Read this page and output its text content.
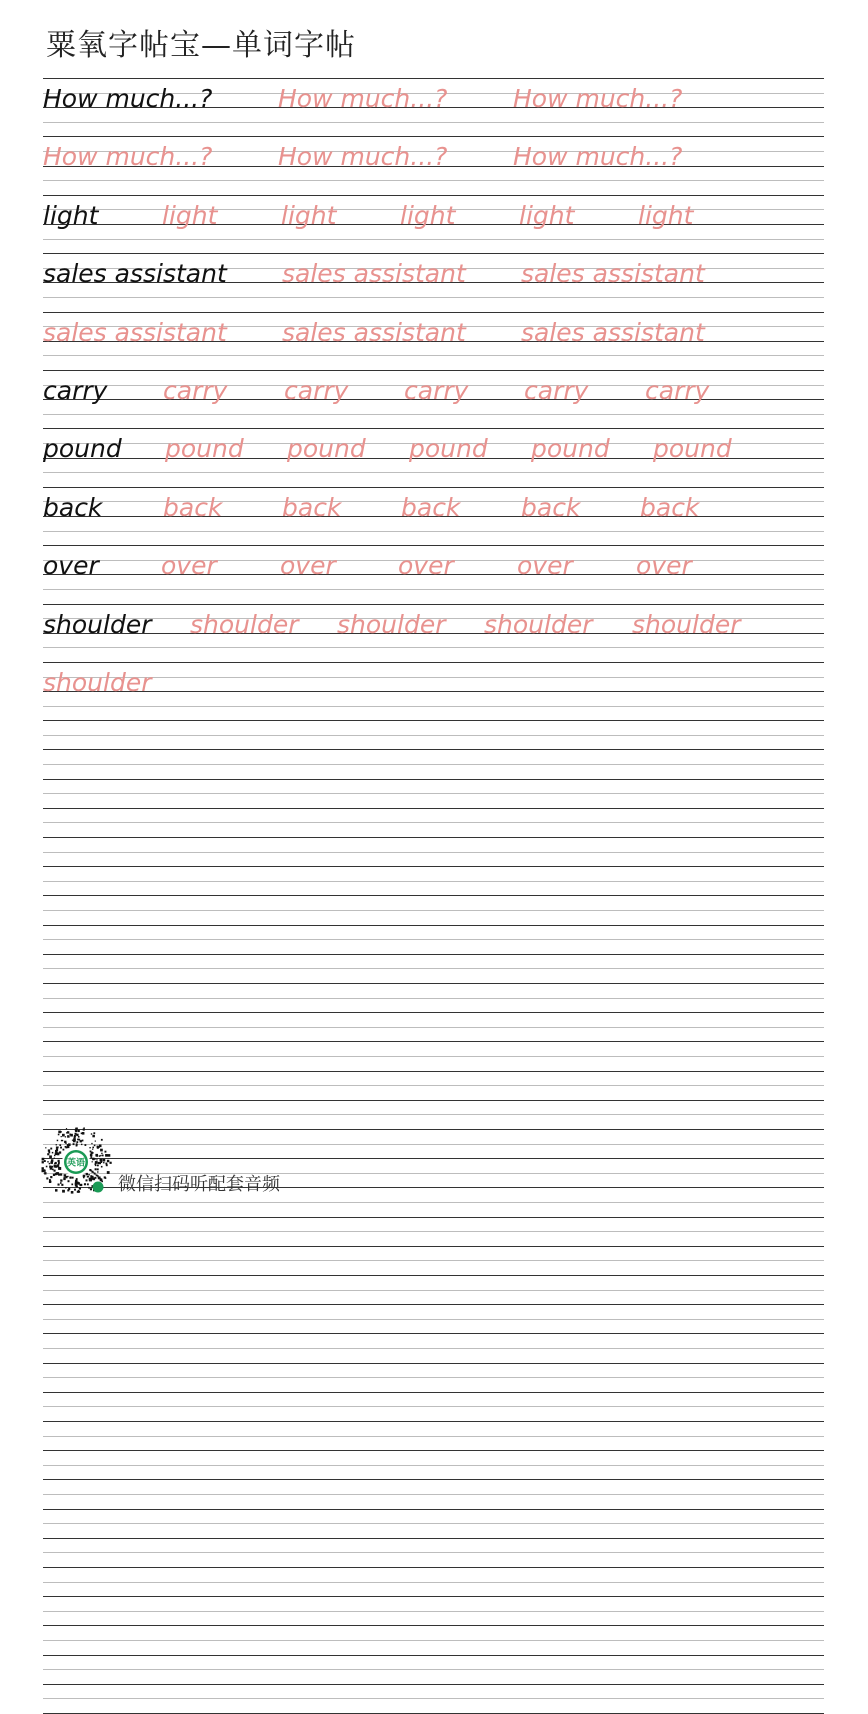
粟氧字帖宝—单词字帖
How much...?	How much...?	How much...?
How much...?	How much...?	How much...?
light	light	light	light	light	light
sales assistant sales assistant sales assistant
sales assistant sales assistant sales assistant
carry carry carry carry carry carry
pound pound pound pound pound pound
back back back back back back
over over	over over	over	over
shoulder shoulder shoulder shoulder shoulder
shoulder
英语
微信扫码听配套音频
